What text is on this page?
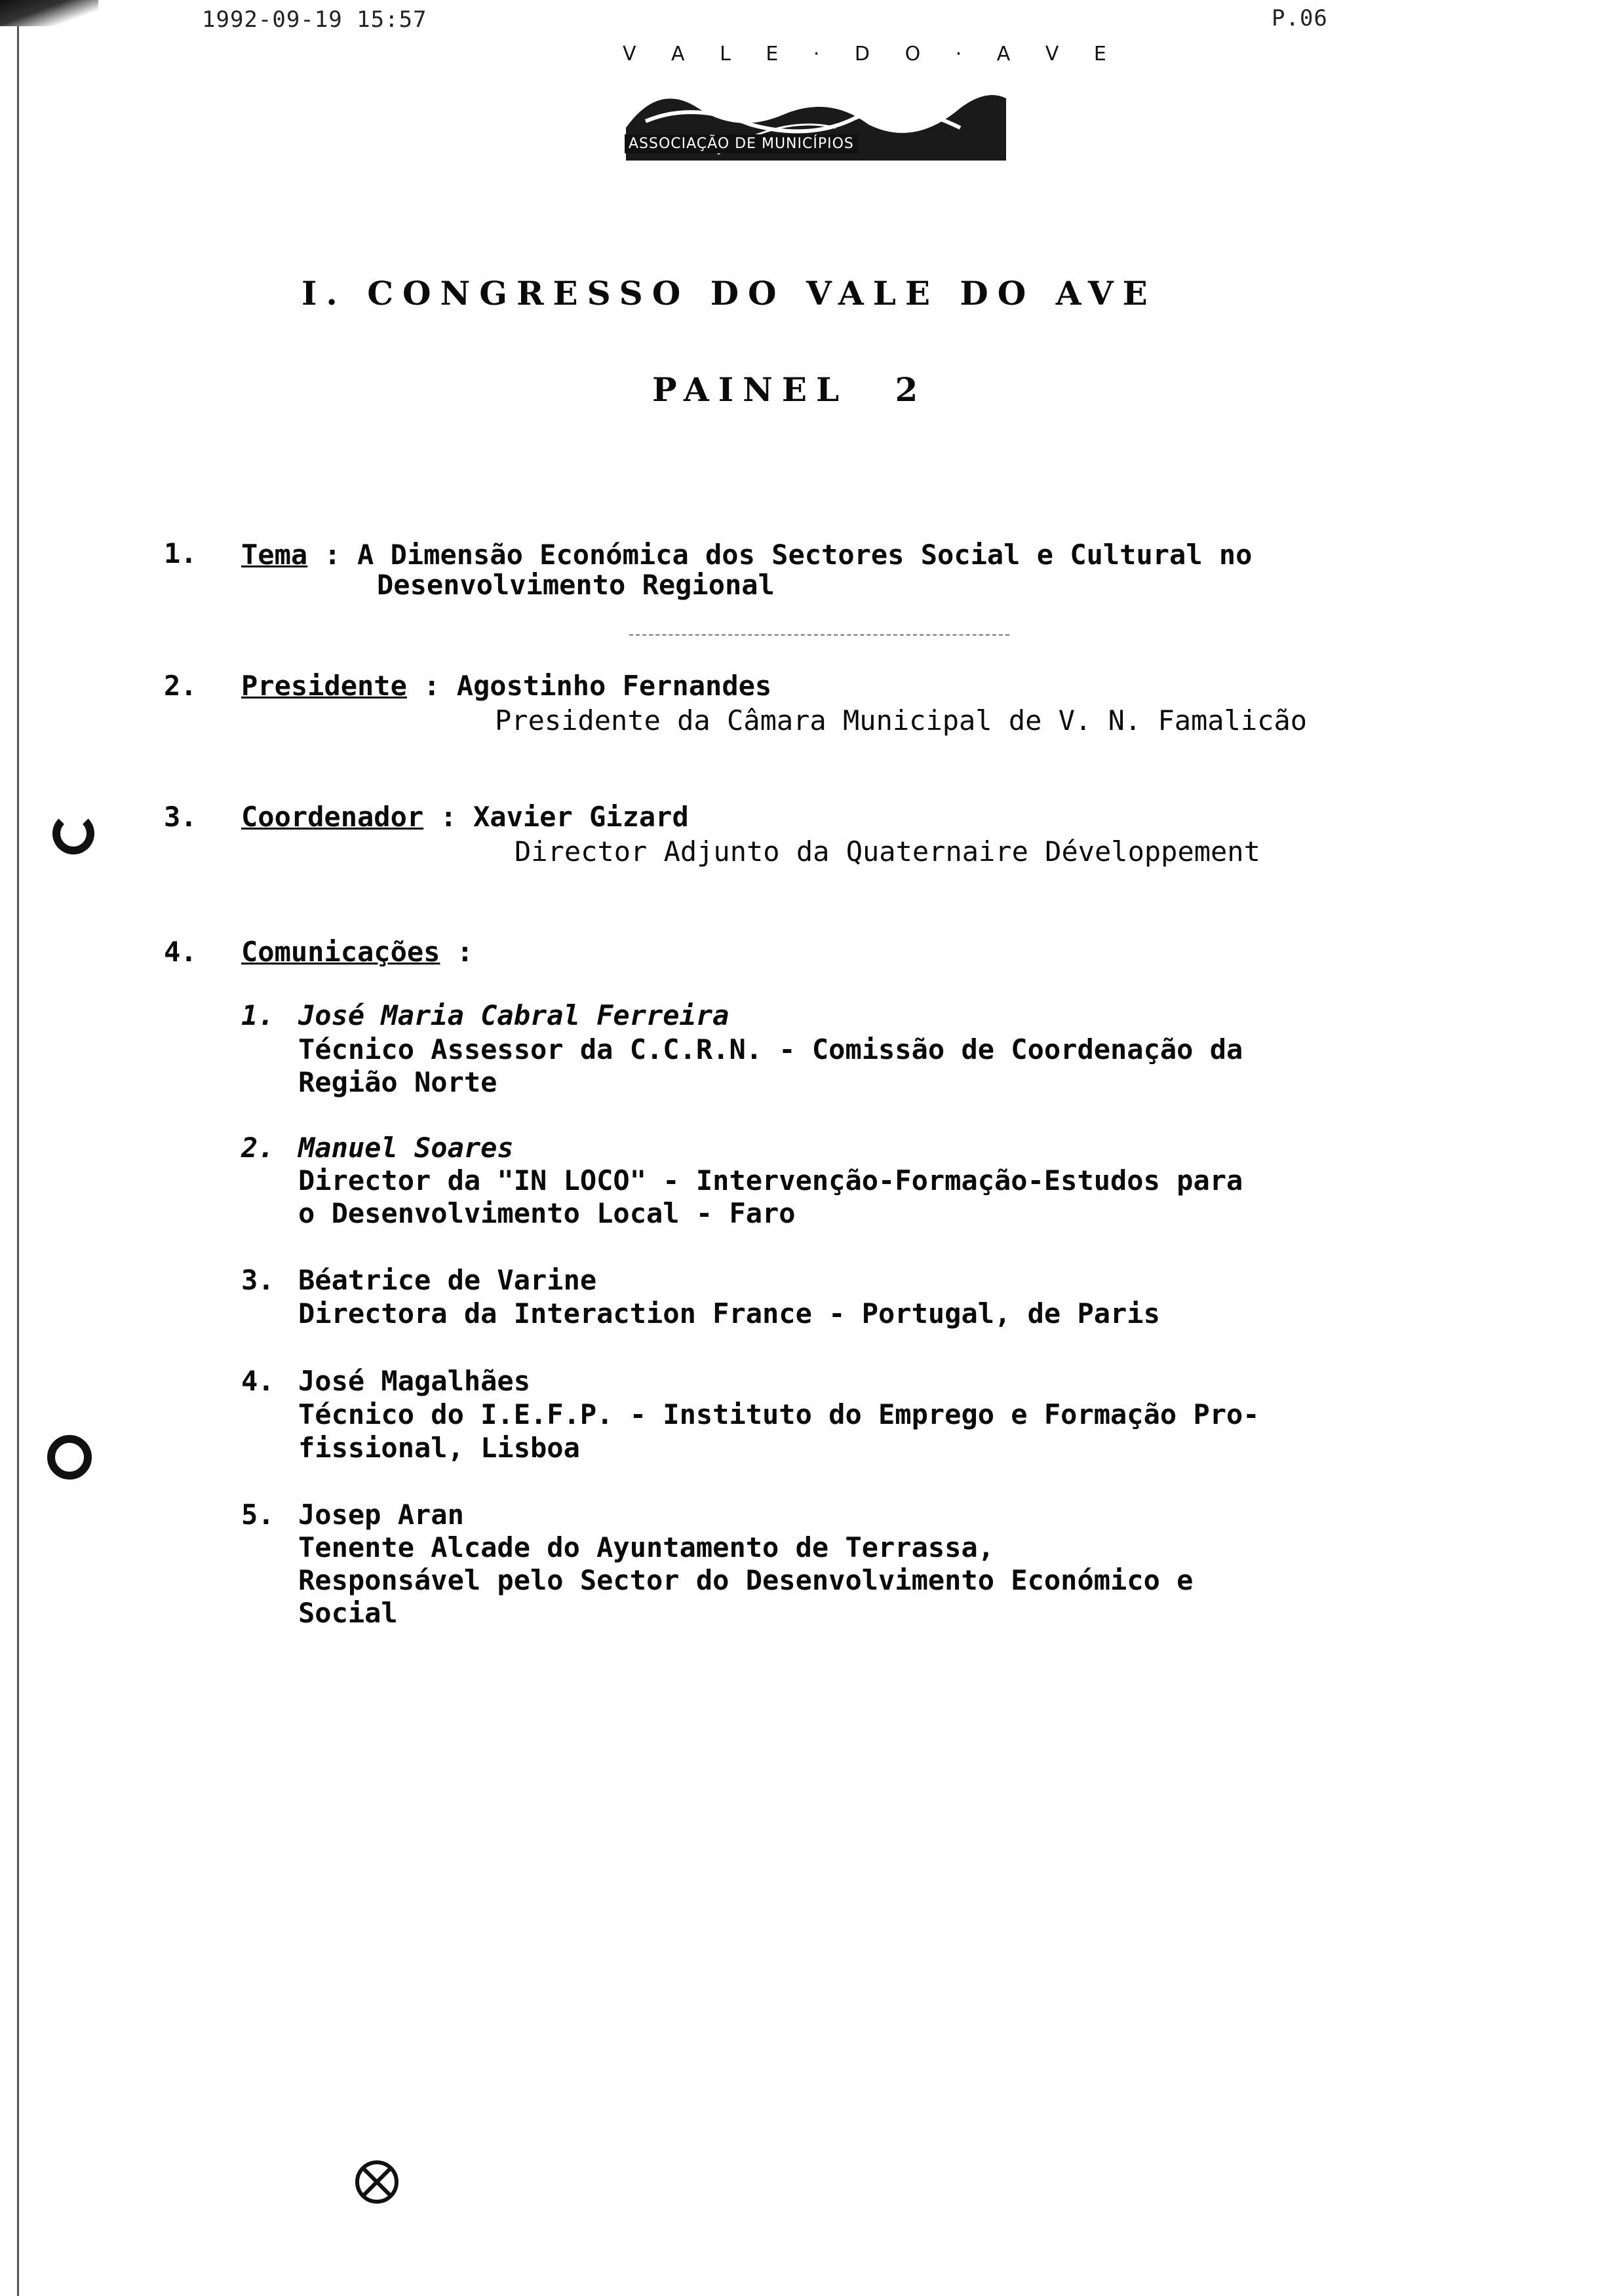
1992-09-19 15:57	P.06
V A L E · D O · A V E
ASSOCIAÇÃO DE MUNICÍPIOS
I. CONGRESSO DO VALE DO AVE
PAINEL 2
1. Tema : A Dimensão Económica dos Sectores Social e Cultural no
Desenvolvimento Regional
2. Presidente : Agostinho Fernandes
Presidente da Câmara Municipal de V. N. Famalicão
3. Coordenador : Xavier Gizard
Director Adjunto da Quaternaire Développement
4. Comunicações :
1. José Maria Cabral Ferreira
Técnico Assessor da C.C.R.N. - Comissão de Coordenação da
Região Norte
2. Manuel Soares
Director da "IN LOCO" - Intervenção-Formação-Estudos para
o Desenvolvimento Local - Faro
3. Béatrice de Varine
Directora da Interaction France - Portugal, de Paris
4. José Magalhães
Técnico do I.E.F.P. - Instituto do Emprego e Formação Pro-
fissional, Lisboa
5. Josep Aran
Tenente Alcade do Ayuntamento de Terrassa,
Responsável pelo Sector do Desenvolvimento Económico e
Social
